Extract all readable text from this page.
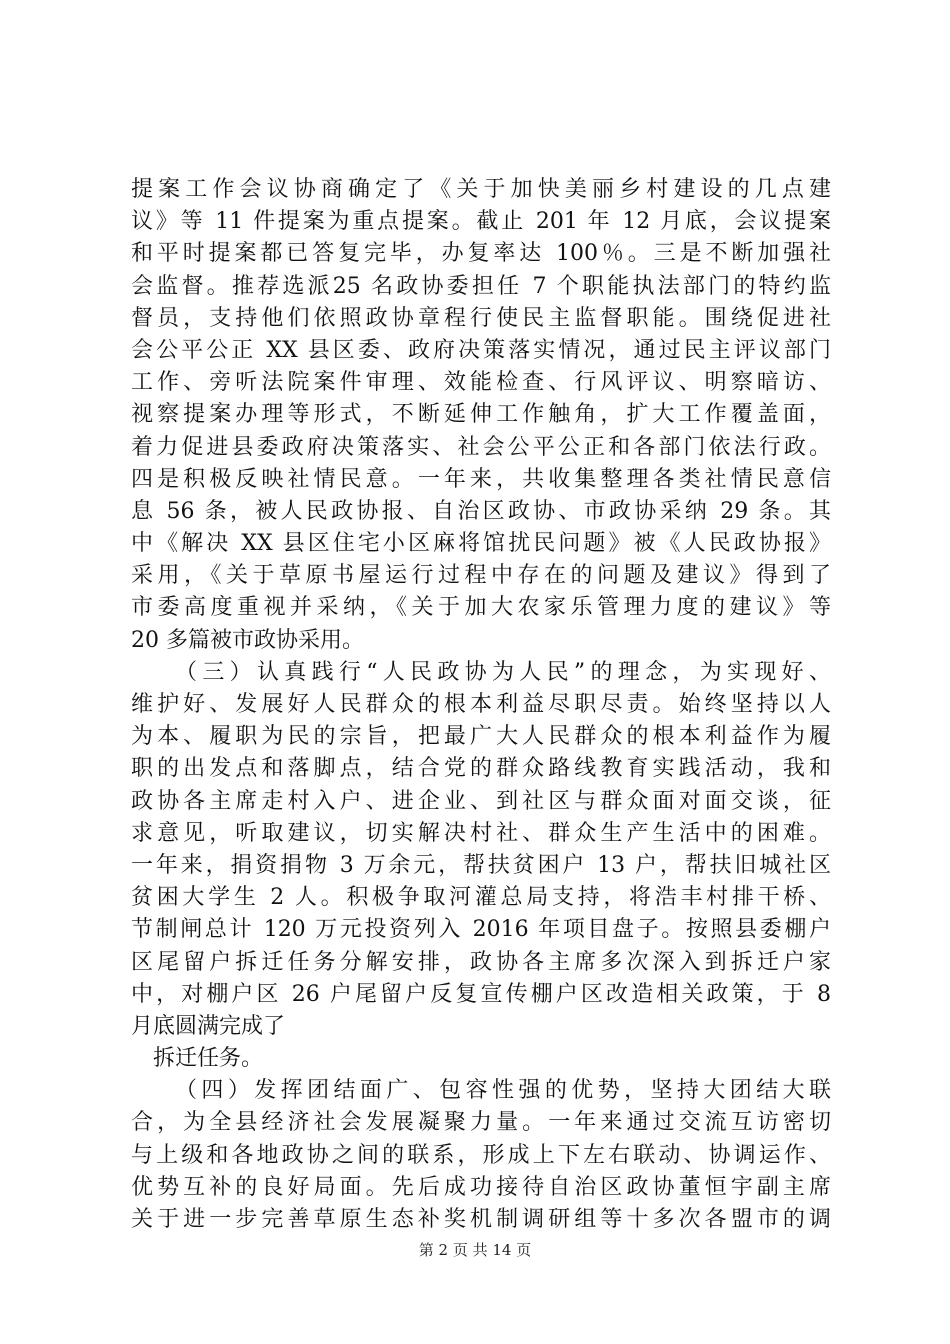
提案工作会议协商确定了《关于加快美丽乡村建设的几点建
议》等 11 件提案为重点提案。截止 201 年 12 月底，会议提案
和平时提案都已答复完毕，办复率达 100％。三是不断加强社
会监督。推荐选派25 名政协委担任 7 个职能执法部门的特约监
督员，支持他们依照政协章程行使民主监督职能。围绕促进社
会公平公正 XX 县区委、政府决策落实情况，通过民主评议部门
工作、旁听法院案件审理、效能检查、行风评议、明察暗访、
视察提案办理等形式，不断延伸工作触角，扩大工作覆盖面，
着力促进县委政府决策落实、社会公平公正和各部门依法行政。
四是积极反映社情民意。一年来，共收集整理各类社情民意信
息 56 条，被人民政协报、自治区政协、市政协采纳 29 条。其
中《解决 XX 县区住宅小区麻将馆扰民问题》被《人民政协报》
采用，《关于草原书屋运行过程中存在的问题及建议》得到了
市委高度重视并采纳，《关于加大农家乐管理力度的建议》等
20 多篇被市政协采用。
（三）认真践行“人民政协为人民”的理念，为实现好、
维护好、发展好人民群众的根本利益尽职尽责。始终坚持以人
为本、履职为民的宗旨，把最广大人民群众的根本利益作为履
职的出发点和落脚点，结合党的群众路线教育实践活动，我和
政协各主席走村入户、进企业、到社区与群众面对面交谈，征
求意见，听取建议，切实解决村社、群众生产生活中的困难。
一年来，捐资捐物 3 万余元，帮扶贫困户 13 户，帮扶旧城社区
贫困大学生 2 人。积极争取河灌总局支持，将浩丰村排干桥、
节制闸总计 120 万元投资列入 2016 年项目盘子。按照县委棚户
区尾留户拆迁任务分解安排，政协各主席多次深入到拆迁户家
中，对棚户区 26 户尾留户反复宣传棚户区改造相关政策，于 8
月底圆满完成了
拆迁任务。
（四）发挥团结面广、包容性强的优势，坚持大团结大联
合，为全县经济社会发展凝聚力量。一年来通过交流互访密切
与上级和各地政协之间的联系，形成上下左右联动、协调运作、
优势互补的良好局面。先后成功接待自治区政协董恒宇副主席
关于进一步完善草原生态补奖机制调研组等十多次各盟市的调
第 2 页 共 14 页
